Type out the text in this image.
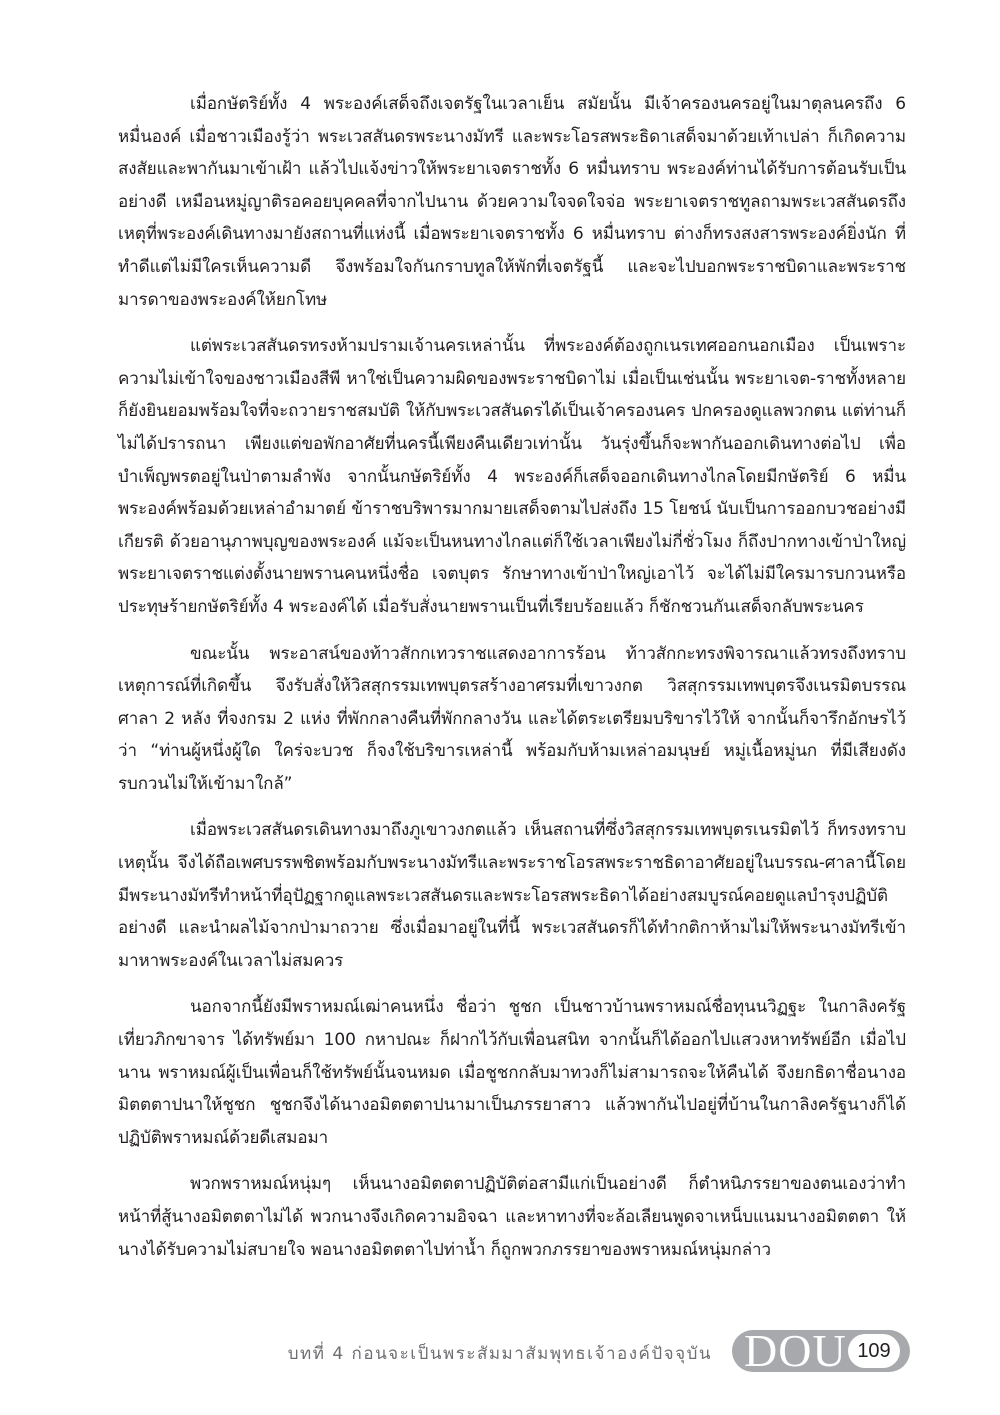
เมื่อกษัตริย์ทั้ง 4 พระองค์เสด็จถึงเจตรัฐในเวลาเย็น สมัยนั้น มีเจ้าครองนครอยู่ในมาตุลนครถึง 6 หมื่นองค์ เมื่อชาวเมืองรู้ว่า พระเวสสันดรพระนางมัทรี และพระโอรสพระธิดาเสด็จมาด้วยเท้าเปล่า ก็เกิดความสงสัยและพากันมาเข้าเฝ้า แล้วไปแจ้งข่าวให้พระยาเจตราชทั้ง 6 หมื่นทราบ พระองค์ท่านได้รับการต้อนรับเป็นอย่างดี เหมือนหมู่ญาติรอคอยบุคคลที่จากไปนาน ด้วยความใจจดใจจ่อ พระยาเจตราชทูลถามพระเวสสันดรถึงเหตุที่พระองค์เดินทางมายังสถานที่แห่งนี้ เมื่อพระยาเจตราชทั้ง 6 หมื่นทราบ ต่างก็ทรงสงสารพระองค์ยิ่งนัก ที่ทำดีแต่ไม่มีใครเห็นความดี จึงพร้อมใจกันกราบทูลให้พักที่เจตรัฐนี้ และจะไปบอกพระราชบิดาและพระราชมารดาของพระองค์ให้ยกโทษ

แต่พระเวสสันดรทรงห้ามปรามเจ้านครเหล่านั้น ที่พระองค์ต้องถูกเนรเทศออกนอกเมือง เป็นเพราะความไม่เข้าใจของชาวเมืองสีพี หาใช่เป็นความผิดของพระราชบิดาไม่ เมื่อเป็นเช่นนั้น พระยาเจต-ราชทั้งหลายก็ยังยินยอมพร้อมใจที่จะถวายราชสมบัติ ให้กับพระเวสสันดรได้เป็นเจ้าครองนคร ปกครองดูแลพวกตน แต่ท่านก็ไม่ได้ปรารถนา เพียงแต่ขอพักอาศัยที่นครนี้เพียงคืนเดียวเท่านั้น วันรุ่งขึ้นก็จะพากันออกเดินทางต่อไป เพื่อบำเพ็ญพรตอยู่ในป่าตามลำพัง จากนั้นกษัตริย์ทั้ง 4 พระองค์ก็เสด็จออกเดินทางไกลโดยมีกษัตริย์ 6 หมื่นพระองค์พร้อมด้วยเหล่าอำมาตย์ ข้าราชบริพารมากมายเสด็จตามไปส่งถึง 15 โยชน์ นับเป็นการออกบวชอย่างมีเกียรติ ด้วยอานุภาพบุญของพระองค์ แม้จะเป็นหนทางไกลแต่ก็ใช้เวลาเพียงไม่กี่ชั่วโมง ก็ถึงปากทางเข้าป่าใหญ่ พระยาเจตราชแต่งตั้งนายพรานคนหนึ่งชื่อ เจตบุตร รักษาทางเข้าป่าใหญ่เอาไว้ จะได้ไม่มีใครมารบกวนหรือประทุษร้ายกษัตริย์ทั้ง 4 พระองค์ได้ เมื่อรับสั่งนายพรานเป็นที่เรียบร้อยแล้ว ก็ชักชวนกันเสด็จกลับพระนคร

ขณะนั้น พระอาสน์ของท้าวสักกเทวราชแสดงอาการร้อน ท้าวสักกะทรงพิจารณาแล้วทรงถึงทราบเหตุการณ์ที่เกิดขึ้น จึงรับสั่งให้วิสสุกรรมเทพบุตรสร้างอาศรมที่เขาวงกต วิสสุกรรมเทพบุตรจึงเนรมิตบรรณศาลา 2 หลัง ที่จงกรม 2 แห่ง ที่พักกลางคืนที่พักกลางวัน และได้ตระเตรียมบริขารไว้ให้ จากนั้นก็จารึกอักษรไว้ว่า “ท่านผู้หนึ่งผู้ใด ใคร่จะบวช ก็จงใช้บริขารเหล่านี้ พร้อมกับห้ามเหล่าอมนุษย์ หมู่เนื้อหมู่นก ที่มีเสียงดังรบกวนไม่ให้เข้ามาใกล้”

เมื่อพระเวสสันดรเดินทางมาถึงภูเขาวงกตแล้ว เห็นสถานที่ซึ่งวิสสุกรรมเทพบุตรเนรมิตไว้ ก็ทรงทราบเหตุนั้น จึงได้ถือเพศบรรพชิตพร้อมกับพระนางมัทรีและพระราชโอรสพระราชธิดาอาศัยอยู่ในบรรณ-ศาลานี้โดยมีพระนางมัทรีทำหน้าที่อุปัฏฐากดูแลพระเวสสันดรและพระโอรสพระธิดาได้อย่างสมบูรณ์คอยดูแลบำรุงปฏิบัติอย่างดี และนำผลไม้จากป่ามาถวาย ซึ่งเมื่อมาอยู่ในที่นี้ พระเวสสันดรก็ได้ทำกติกาห้ามไม่ให้พระนางมัทรีเข้ามาหาพระองค์ในเวลาไม่สมควร

นอกจากนี้ยังมีพราหมณ์เฒ่าคนหนึ่ง ชื่อว่า ชูชก เป็นชาวบ้านพราหมณ์ชื่อทุนนวิฏฐะ ในกาลิงครัฐเที่ยวภิกขาจาร ได้ทรัพย์มา 100 กหาปณะ ก็ฝากไว้กับเพื่อนสนิท จากนั้นก็ได้ออกไปแสวงหาทรัพย์อีก เมื่อไปนาน พราหมณ์ผู้เป็นเพื่อนก็ใช้ทรัพย์นั้นจนหมด เมื่อชูชกกลับมาทวงก็ไม่สามารถจะให้คืนได้ จึงยกธิดาชื่อนางอมิตตตาปนาให้ชูชก ชูชกจึงได้นางอมิตตตาปนามาเป็นภรรยาสาว แล้วพากันไปอยู่ที่บ้านในกาลิงครัฐนางก็ได้ปฏิบัติพราหมณ์ด้วยดีเสมอมา

พวกพราหมณ์หนุ่มๆ เห็นนางอมิตตตาปฏิบัติต่อสามีแก่เป็นอย่างดี ก็ตำหนิภรรยาของตนเองว่าทำหน้าที่สู้นางอมิตตตาไม่ได้ พวกนางจึงเกิดความอิจฉา และหาทางที่จะล้อเลียนพูดจาเหน็บแนมนางอมิตตตา ให้นางได้รับความไม่สบายใจ พอนางอมิตตตาไปท่าน้ำ ก็ถูกพวกภรรยาของพราหมณ์หนุ่มกล่าว

บทที่ 4 ก่อนจะเป็นพระสัมมาสัมพุทธเจ้าองค์ปัจจุบัน DOU 109
